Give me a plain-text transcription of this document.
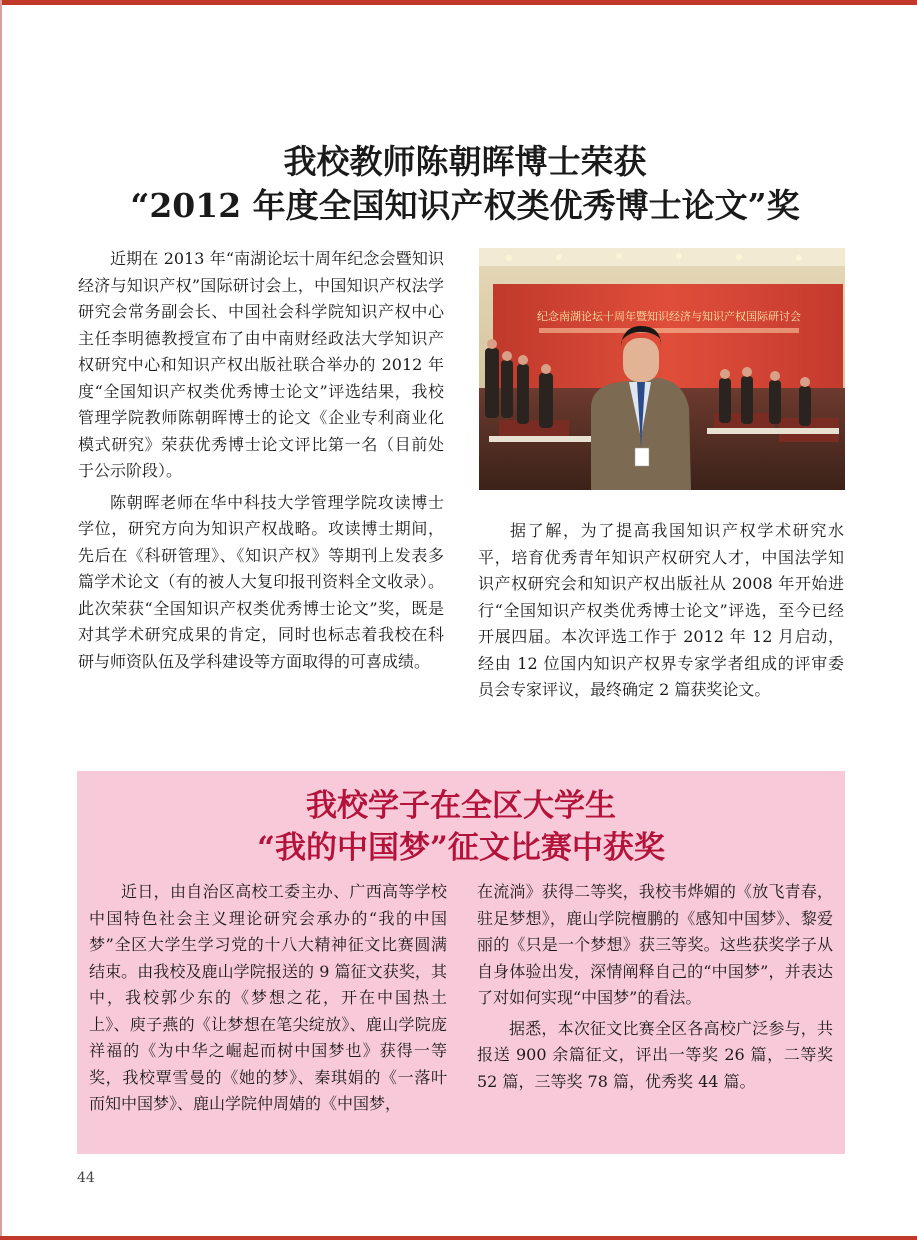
我校教师陈朝晖博士荣获
“2012 年度全国知识产权类优秀博士论文”奖

近期在 2013 年“南湖论坛十周年纪念会暨知识经济与知识产权”国际研讨会上，中国知识产权法学研究会常务副会长、中国社会科学院知识产权中心主任李明德教授宣布了由中南财经政法大学知识产权研究中心和知识产权出版社联合举办的 2012 年度“全国知识产权类优秀博士论文”评选结果，我校管理学院教师陈朝晖博士的论文《企业专利商业化模式研究》荣获优秀博士论文评比第一名（目前处于公示阶段）。

陈朝晖老师在华中科技大学管理学院攻读博士学位，研究方向为知识产权战略。攻读博士期间，先后在《科研管理》、《知识产权》等期刊上发表多篇学术论文（有的被人大复印报刊资料全文收录）。此次荣获“全国知识产权类优秀博士论文”奖，既是对其学术研究成果的肯定，同时也标志着我校在科研与师资队伍及学科建设等方面取得的可喜成绩。

纪念南湖论坛十周年暨知识经济与知识产权国际研讨会

据了解，为了提高我国知识产权学术研究水平，培育优秀青年知识产权研究人才，中国法学知识产权研究会和知识产权出版社从 2008 年开始进行“全国知识产权类优秀博士论文”评选，至今已经开展四届。本次评选工作于 2012 年 12 月启动，经由 12 位国内知识产权界专家学者组成的评审委员会专家评议，最终确定 2 篇获奖论文。

我校学子在全区大学生
“我的中国梦”征文比赛中获奖

近日，由自治区高校工委主办、广西高等学校中国特色社会主义理论研究会承办的“我的中国梦”全区大学生学习党的十八大精神征文比赛圆满结束。由我校及鹿山学院报送的 9 篇征文获奖，其中，我校郭少东的《梦想之花，开在中国热土上》、庾子燕的《让梦想在笔尖绽放》、鹿山学院庞祥福的《为中华之崛起而树中国梦也》获得一等奖，我校覃雪曼的《她的梦》、秦琪娟的《一落叶而知中国梦》、鹿山学院仲周婧的《中国梦，

在流淌》获得二等奖，我校韦烨媚的《放飞青春，驻足梦想》，鹿山学院檀鹏的《感知中国梦》、黎爱丽的《只是一个梦想》获三等奖。这些获奖学子从自身体验出发，深情阐释自己的“中国梦”，并表达了对如何实现“中国梦”的看法。

据悉，本次征文比赛全区各高校广泛参与，共报送 900 余篇征文，评出一等奖 26 篇，二等奖 52 篇，三等奖 78 篇，优秀奖 44 篇。

44
